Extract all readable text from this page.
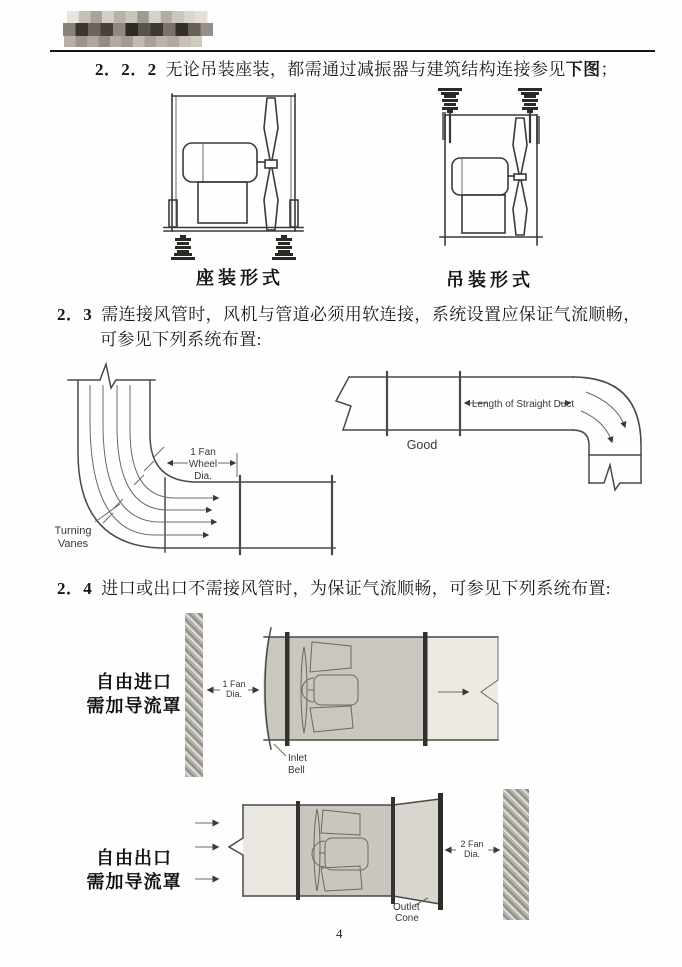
2．2．2 无论吊装座装，都需通过减振器与建筑结构连接参见下图；
座装形式	吊装形式
2．3 需连接风管时，风机与管道必须用软连接，系统设置应保证气流顺畅，
可参见下列系统布置:
Turning
Vanes
1 Fan
Wheel
Dia.
Length of Straight Duct
Good
2．4 进口或出口不需接风管时，为保证气流顺畅，可参见下列系统布置:
1 Fan
Dia.
Inlet
Bell
自由进口
需加导流罩
2 Fan
Dia.
Outlet
Cone
自由出口
需加导流罩
4
